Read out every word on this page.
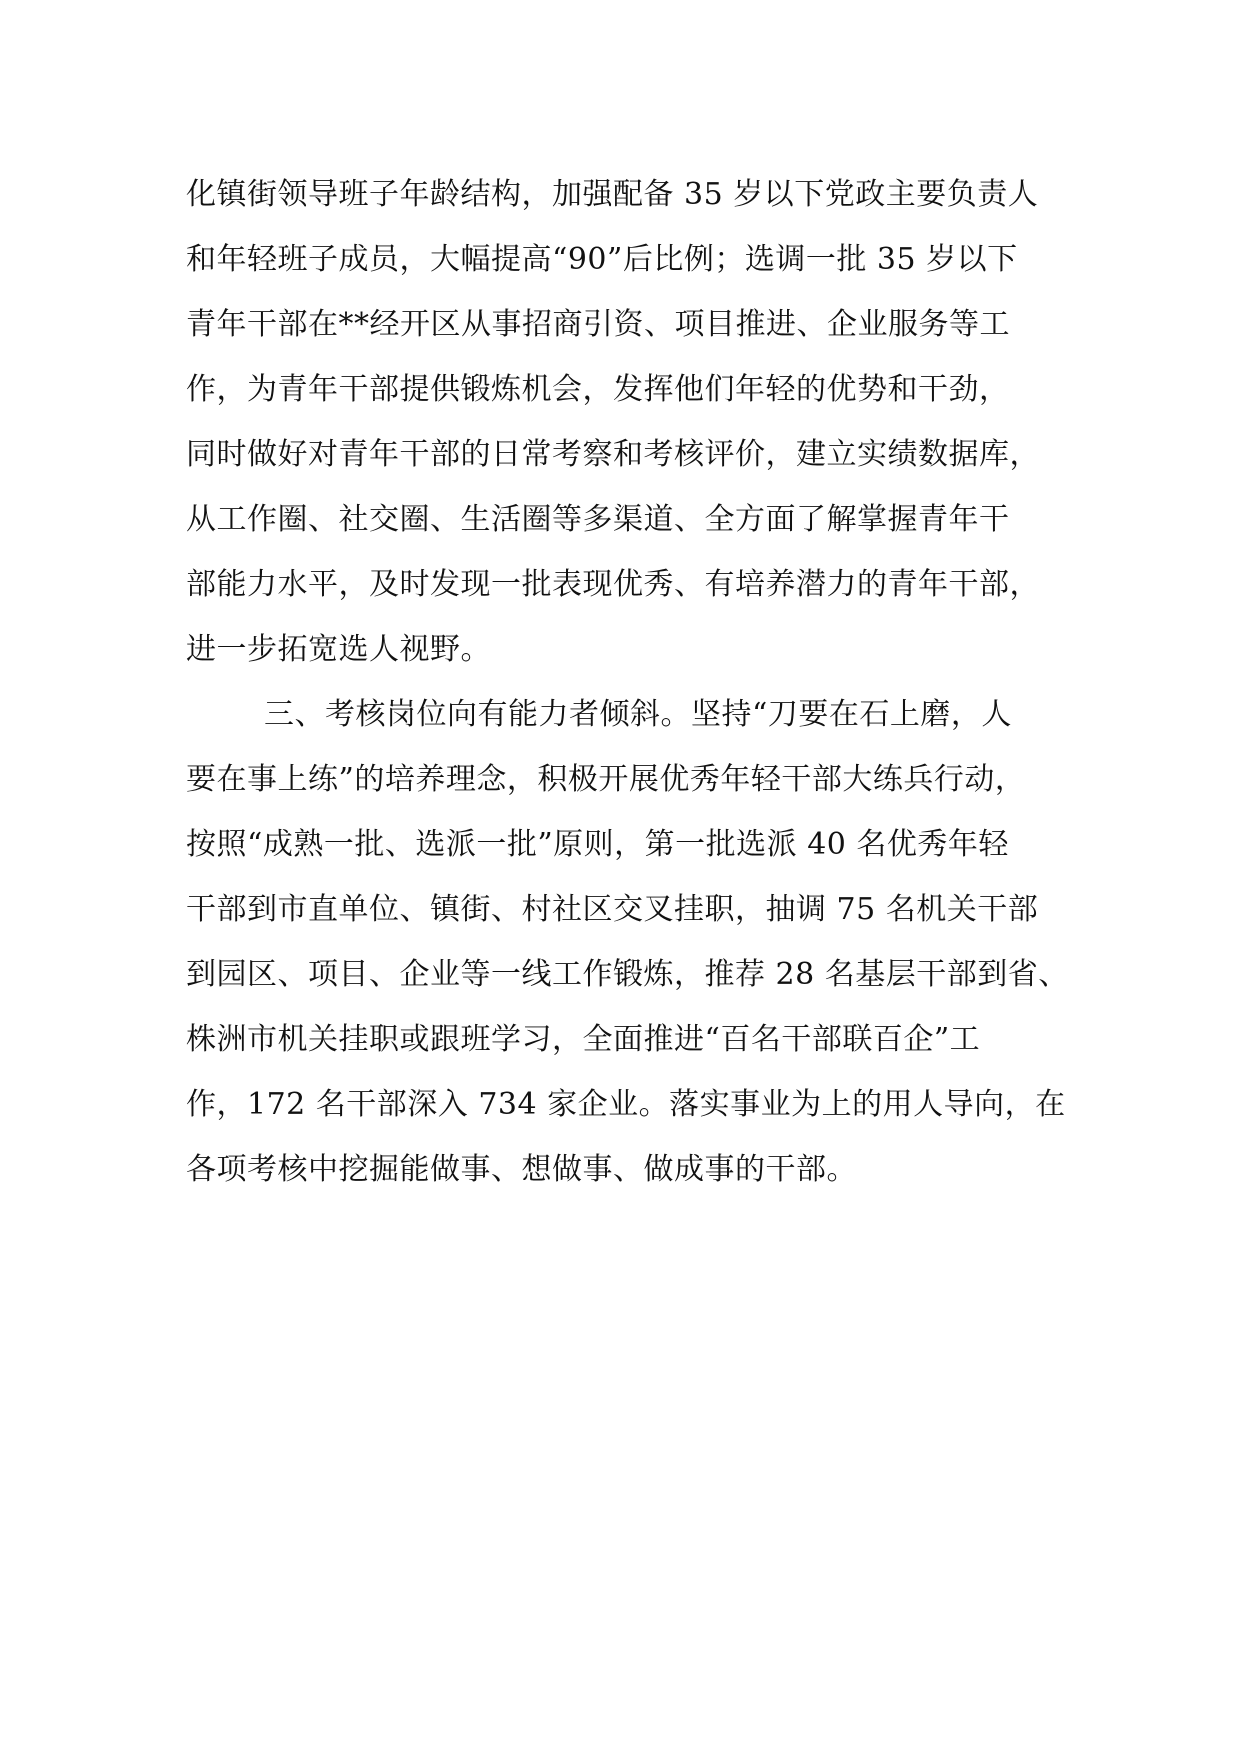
化镇街领导班子年龄结构，加强配备 35 岁以下党政主要负责人
和年轻班子成员，大幅提高“90”后比例；选调一批 35 岁以下
青年干部在**经开区从事招商引资、项目推进、企业服务等工
作，为青年干部提供锻炼机会，发挥他们年轻的优势和干劲，
同时做好对青年干部的日常考察和考核评价，建立实绩数据库，
从工作圈、社交圈、生活圈等多渠道、全方面了解掌握青年干
部能力水平，及时发现一批表现优秀、有培养潜力的青年干部，
进一步拓宽选人视野。
三、考核岗位向有能力者倾斜。坚持“刀要在石上磨，人
要在事上练”的培养理念，积极开展优秀年轻干部大练兵行动，
按照“成熟一批、选派一批”原则，第一批选派 40 名优秀年轻
干部到市直单位、镇街、村社区交叉挂职，抽调 75 名机关干部
到园区、项目、企业等一线工作锻炼，推荐 28 名基层干部到省、
株洲市机关挂职或跟班学习，全面推进“百名干部联百企”工
作，172 名干部深入 734 家企业。落实事业为上的用人导向，在
各项考核中挖掘能做事、想做事、做成事的干部。
